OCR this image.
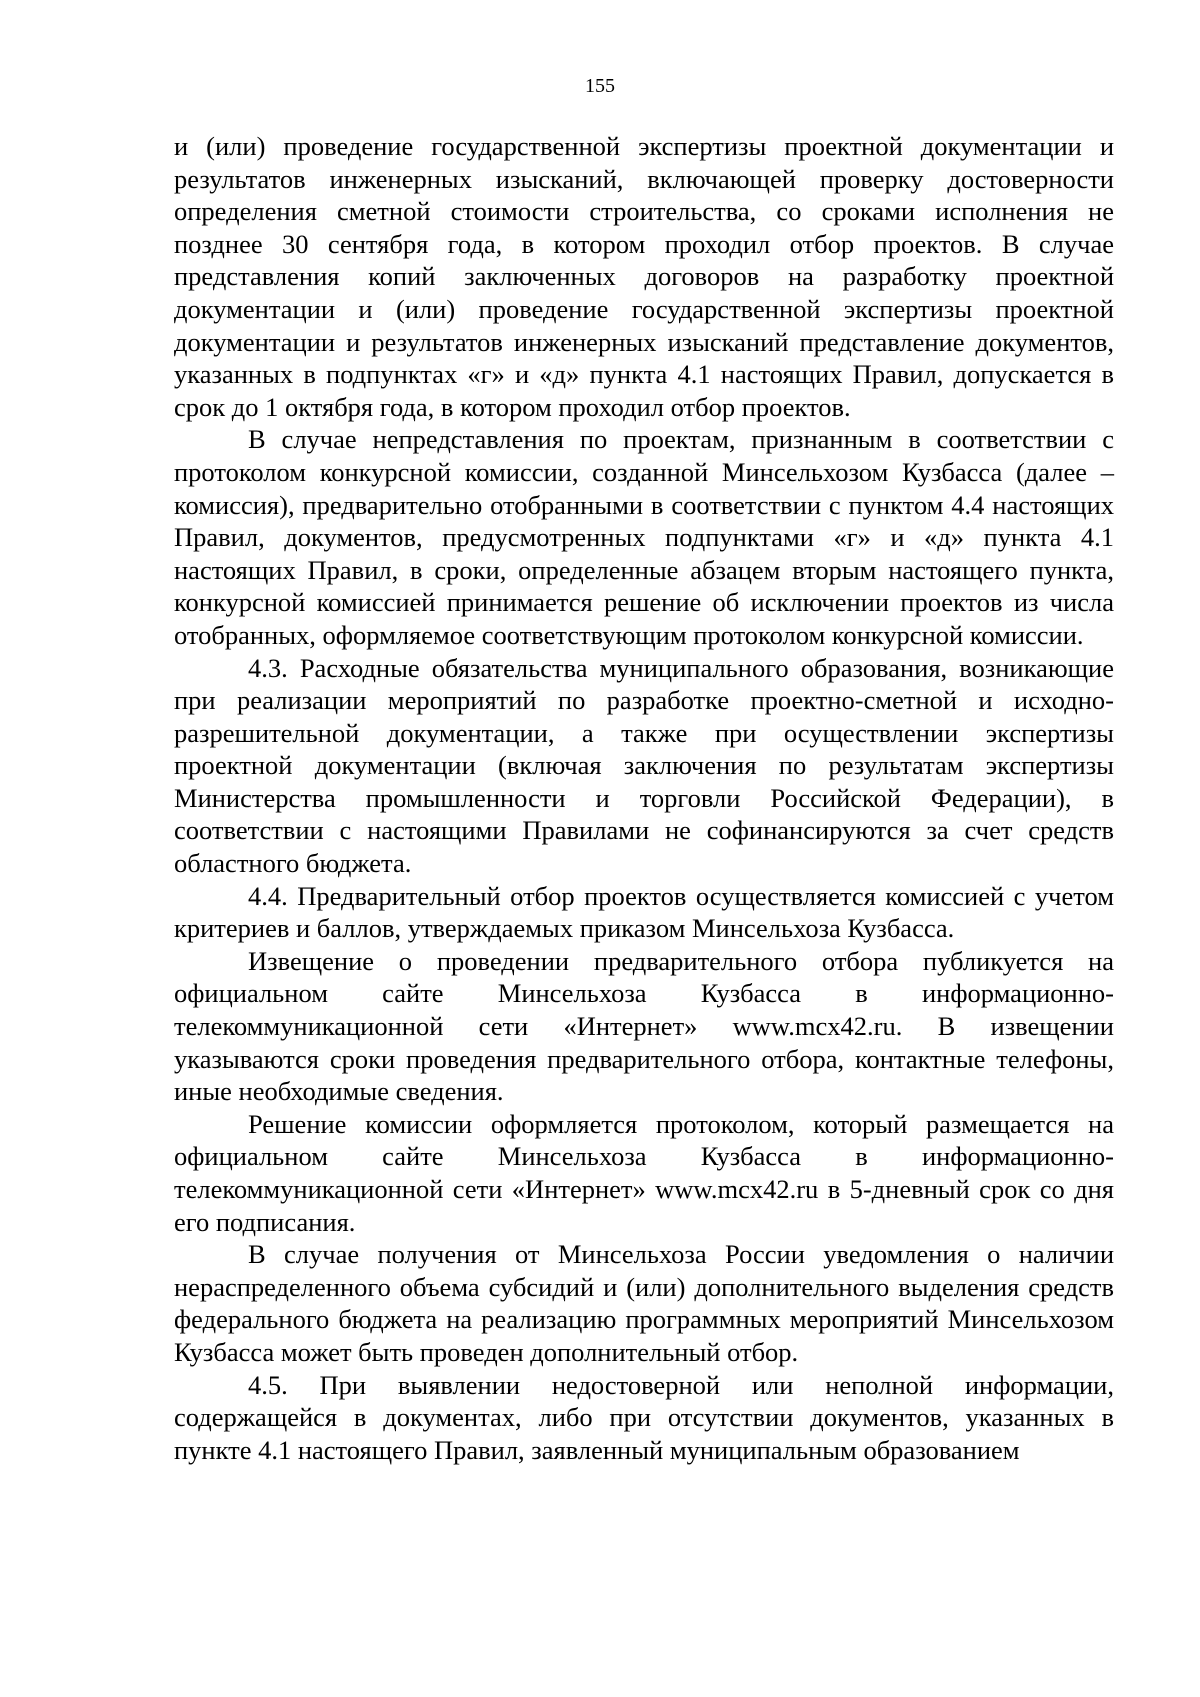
155

и (или) проведение государственной экспертизы проектной документации и результатов инженерных изысканий, включающей проверку достоверности определения сметной стоимости строительства, со сроками исполнения не позднее 30 сентября года, в котором проходил отбор проектов. В случае представления копий заключенных договоров на разработку проектной документации и (или) проведение государственной экспертизы проектной документации и результатов инженерных изысканий представление документов, указанных в подпунктах «г» и «д» пункта 4.1 настоящих Правил, допускается в срок до 1 октября года, в котором проходил отбор проектов.

В случае непредставления по проектам, признанным в соответствии с протоколом конкурсной комиссии, созданной Минсельхозом Кузбасса (далее – комиссия), предварительно отобранными в соответствии с пунктом 4.4 настоящих Правил, документов, предусмотренных подпунктами «г» и «д» пункта 4.1 настоящих Правил, в сроки, определенные абзацем вторым настоящего пункта, конкурсной комиссией принимается решение об исключении проектов из числа отобранных, оформляемое соответствующим протоколом конкурсной комиссии.

4.3. Расходные обязательства муниципального образования, возникающие при реализации мероприятий по разработке проектно-сметной и исходно-разрешительной документации, а также при осуществлении экспертизы проектной документации (включая заключения по результатам экспертизы Министерства промышленности и торговли Российской Федерации), в соответствии с настоящими Правилами не софинансируются за счет средств областного бюджета.

4.4. Предварительный отбор проектов осуществляется комиссией с учетом критериев и баллов, утверждаемых приказом Минсельхоза Кузбасса.

Извещение о проведении предварительного отбора публикуется на официальном сайте Минсельхоза Кузбасса в информационно-телекоммуникационной сети «Интернет» www.mcx42.ru. В извещении указываются сроки проведения предварительного отбора, контактные телефоны, иные необходимые сведения.

Решение комиссии оформляется протоколом, который размещается на официальном сайте Минсельхоза Кузбасса в информационно-телекоммуникационной сети «Интернет» www.mcx42.ru в 5-дневный срок со дня его подписания.

В случае получения от Минсельхоза России уведомления о наличии нераспределенного объема субсидий и (или) дополнительного выделения средств федерального бюджета на реализацию программных мероприятий Минсельхозом Кузбасса может быть проведен дополнительный отбор.

4.5. При выявлении недостоверной или неполной информации, содержащейся в документах, либо при отсутствии документов, указанных в пункте 4.1 настоящего Правил, заявленный муниципальным образованием
